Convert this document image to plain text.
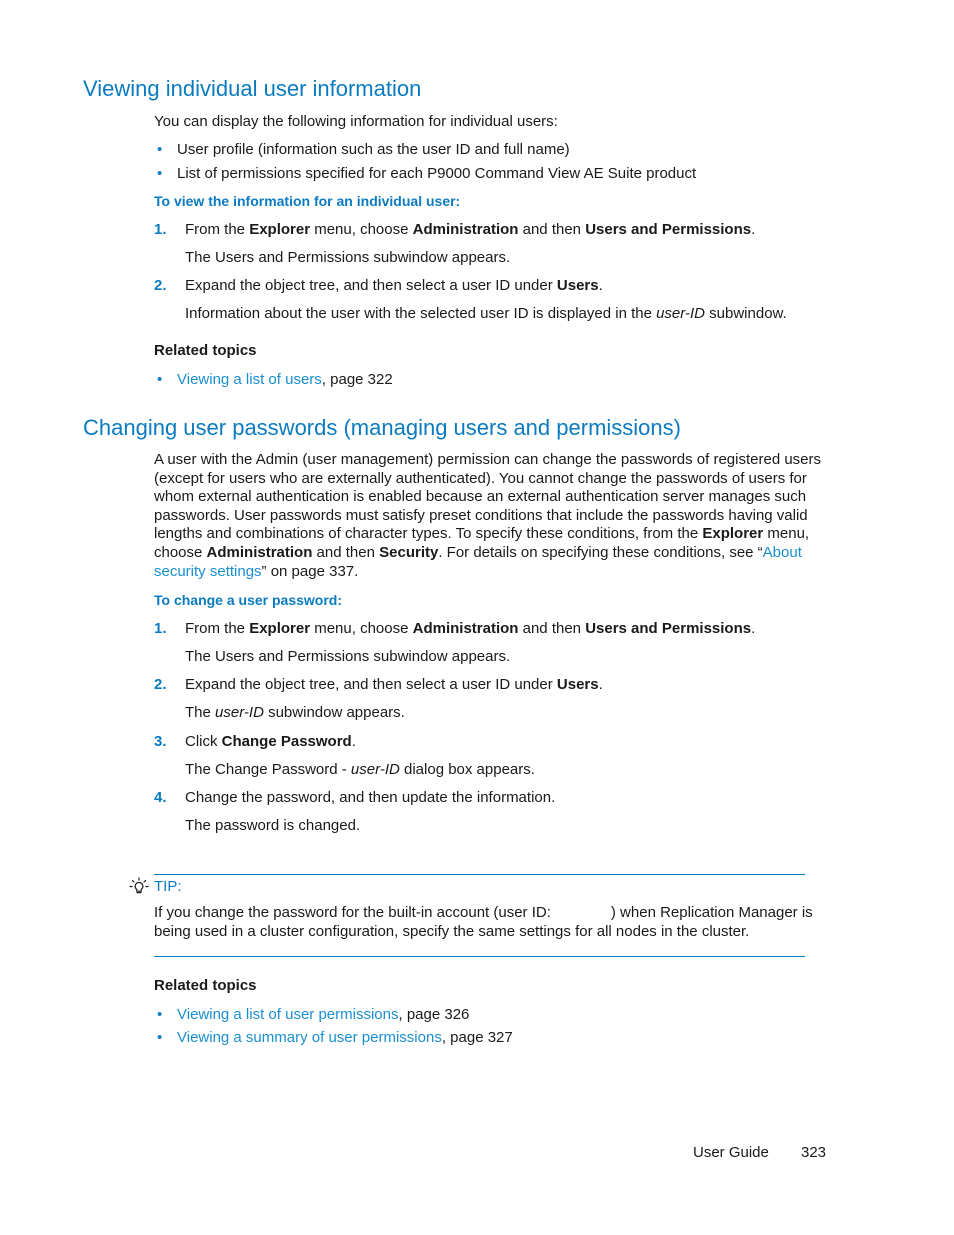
Viewing individual user information
You can display the following information for individual users:
• User profile (information such as the user ID and full name)
• List of permissions specified for each P9000 Command View AE Suite product
To view the information for an individual user:
1. From the Explorer menu, choose Administration and then Users and Permissions.
The Users and Permissions subwindow appears.
2. Expand the object tree, and then select a user ID under Users.
Information about the user with the selected user ID is displayed in the user-ID subwindow.
Related topics
• Viewing a list of users, page 322
Changing user passwords (managing users and permissions)
A user with the Admin (user management) permission can change the passwords of registered users
(except for users who are externally authenticated). You cannot change the passwords of users for
whom external authentication is enabled because an external authentication server manages such
passwords. User passwords must satisfy preset conditions that include the passwords having valid
lengths and combinations of character types. To specify these conditions, from the Explorer menu,
choose Administration and then Security. For details on specifying these conditions, see “About
security settings” on page 337.
To change a user password:
1. From the Explorer menu, choose Administration and then Users and Permissions.
The Users and Permissions subwindow appears.
2. Expand the object tree, and then select a user ID under Users.
The user-ID subwindow appears.
3. Click Change Password.
The Change Password - user-ID dialog box appears.
4. Change the password, and then update the information.
The password is changed.
TIP:
If you change the password for the built-in account (user ID:	) when Replication Manager is
being used in a cluster configuration, specify the same settings for all nodes in the cluster.
Related topics
• Viewing a list of user permissions, page 326
• Viewing a summary of user permissions, page 327
User Guide 323
